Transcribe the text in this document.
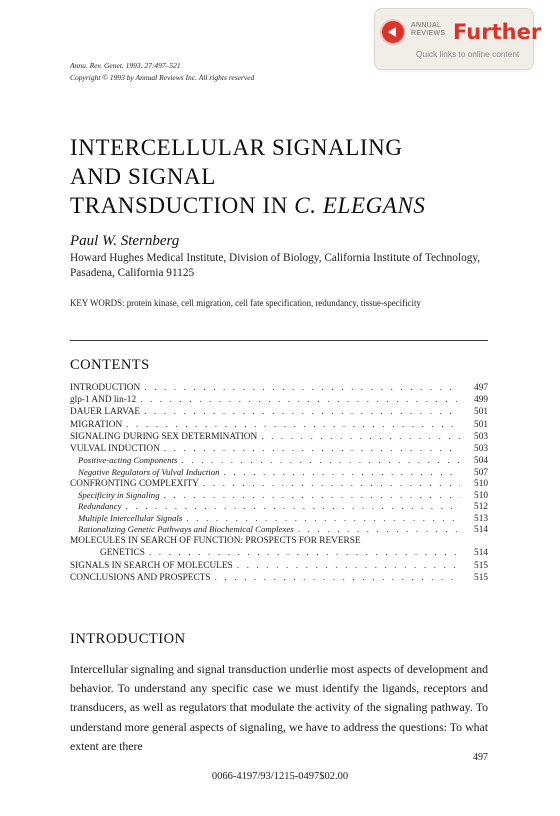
ANNUAL
REVIEWS Further
Quick links to online content
Annu. Rev. Genet. 1993. 27:497–521
Copyright © 1993 by Annual Reviews Inc. All rights reserved
INTERCELLULAR SIGNALING
AND SIGNAL
TRANSDUCTION IN C. ELEGANS
Paul W. Sternberg
Howard Hughes Medical Institute, Division of Biology, California Institute of Technology, Pasadena, California 91125
KEY WORDS: protein kinase, cell migration, cell fate specification, redundancy, tissue-specificity
CONTENTS
INTRODUCTION . . .	497
glp-1 AND lin-12 . . .	499
DAUER LARVAE . . .	501
MIGRATION . . .	501
SIGNALING DURING SEX DETERMINATION . . .	503
VULVAL INDUCTION . . .	503
Positive-acting Components . . .	504
Negative Regulators of Vulval Induction . . .	507
CONFRONTING COMPLEXITY . . .	510
Specificity in Signaling . . .	510
Redundancy . . .	512
Multiple Intercellular Signals . . .	513
Rationalizing Genetic Pathways and Biochemical Complexes . . .	514
MOLECULES IN SEARCH OF FUNCTION: PROSPECTS FOR REVERSE
GENETICS . . .	514
SIGNALS IN SEARCH OF MOLECULES . . .	515
CONCLUSIONS AND PROSPECTS . . .	515
INTRODUCTION

Intercellular signaling and signal transduction underlie most aspects of development and behavior. To understand any specific case we must identify the ligands, receptors and transducers, as well as regulators that modulate the activity of the signaling pathway. To understand more general aspects of signaling, we have to address the questions: To what extent are there

497
0066-4197/93/1215-0497$02.00
